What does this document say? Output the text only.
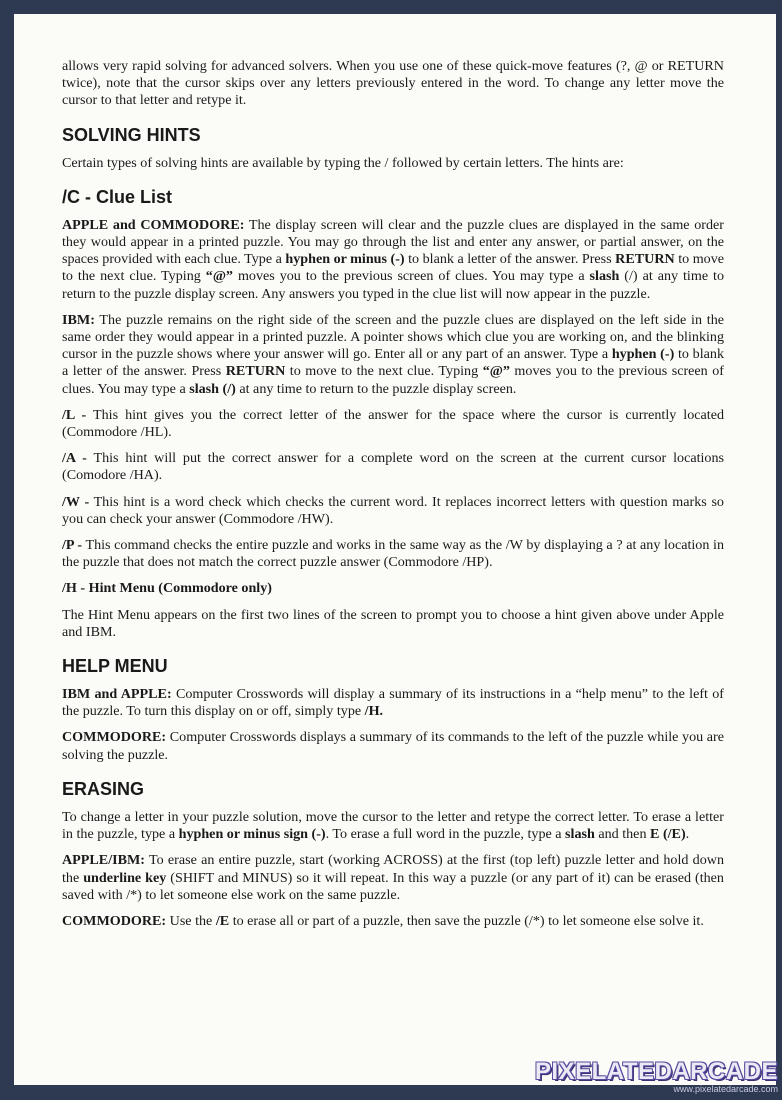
allows very rapid solving for advanced solvers. When you use one of these quick-move features (?, @ or RETURN twice), note that the cursor skips over any letters previously entered in the word. To change any letter move the cursor to that letter and retype it.

SOLVING HINTS

Certain types of solving hints are available by typing the / followed by certain letters. The hints are:

/C - Clue List

APPLE and COMMODORE: The display screen will clear and the puzzle clues are displayed in the same order they would appear in a printed puzzle. You may go through the list and enter any answer, or partial answer, on the spaces provided with each clue. Type a hyphen or minus (-) to blank a letter of the answer. Press RETURN to move to the next clue. Typing “@” moves you to the previous screen of clues. You may type a slash (/) at any time to return to the puzzle display screen. Any answers you typed in the clue list will now appear in the puzzle.

IBM: The puzzle remains on the right side of the screen and the puzzle clues are displayed on the left side in the same order they would appear in a printed puzzle. A pointer shows which clue you are working on, and the blinking cursor in the puzzle shows where your answer will go. Enter all or any part of an answer. Type a hyphen (-) to blank a letter of the answer. Press RETURN to move to the next clue. Typing “@” moves you to the previous screen of clues. You may type a slash (/) at any time to return to the puzzle display screen.

/L - This hint gives you the correct letter of the answer for the space where the cursor is currently located (Commodore /HL).

/A - This hint will put the correct answer for a complete word on the screen at the current cursor locations (Comodore /HA).

/W - This hint is a word check which checks the current word. It replaces incorrect letters with question marks so you can check your answer (Commodore /HW).

/P - This command checks the entire puzzle and works in the same way as the /W by displaying a ? at any location in the puzzle that does not match the correct puzzle answer (Commodore /HP).

/H - Hint Menu (Commodore only)

The Hint Menu appears on the first two lines of the screen to prompt you to choose a hint given above under Apple and IBM.

HELP MENU

IBM and APPLE: Computer Crosswords will display a summary of its instructions in a “help menu” to the left of the puzzle. To turn this display on or off, simply type /H.

COMMODORE: Computer Crosswords displays a summary of its commands to the left of the puzzle while you are solving the puzzle.

ERASING

To change a letter in your puzzle solution, move the cursor to the letter and retype the correct letter. To erase a letter in the puzzle, type a hyphen or minus sign (-). To erase a full word in the puzzle, type a slash and then E (/E).

APPLE/IBM: To erase an entire puzzle, start (working ACROSS) at the first (top left) puzzle letter and hold down the underline key (SHIFT and MINUS) so it will repeat. In this way a puzzle (or any part of it) can be erased (then saved with /*) to let someone else work on the same puzzle.

COMMODORE: Use the /E to erase all or part of a puzzle, then save the puzzle (/*) to let someone else solve it.

PIXELATEDARCADE
www.pixelatedarcade.com
